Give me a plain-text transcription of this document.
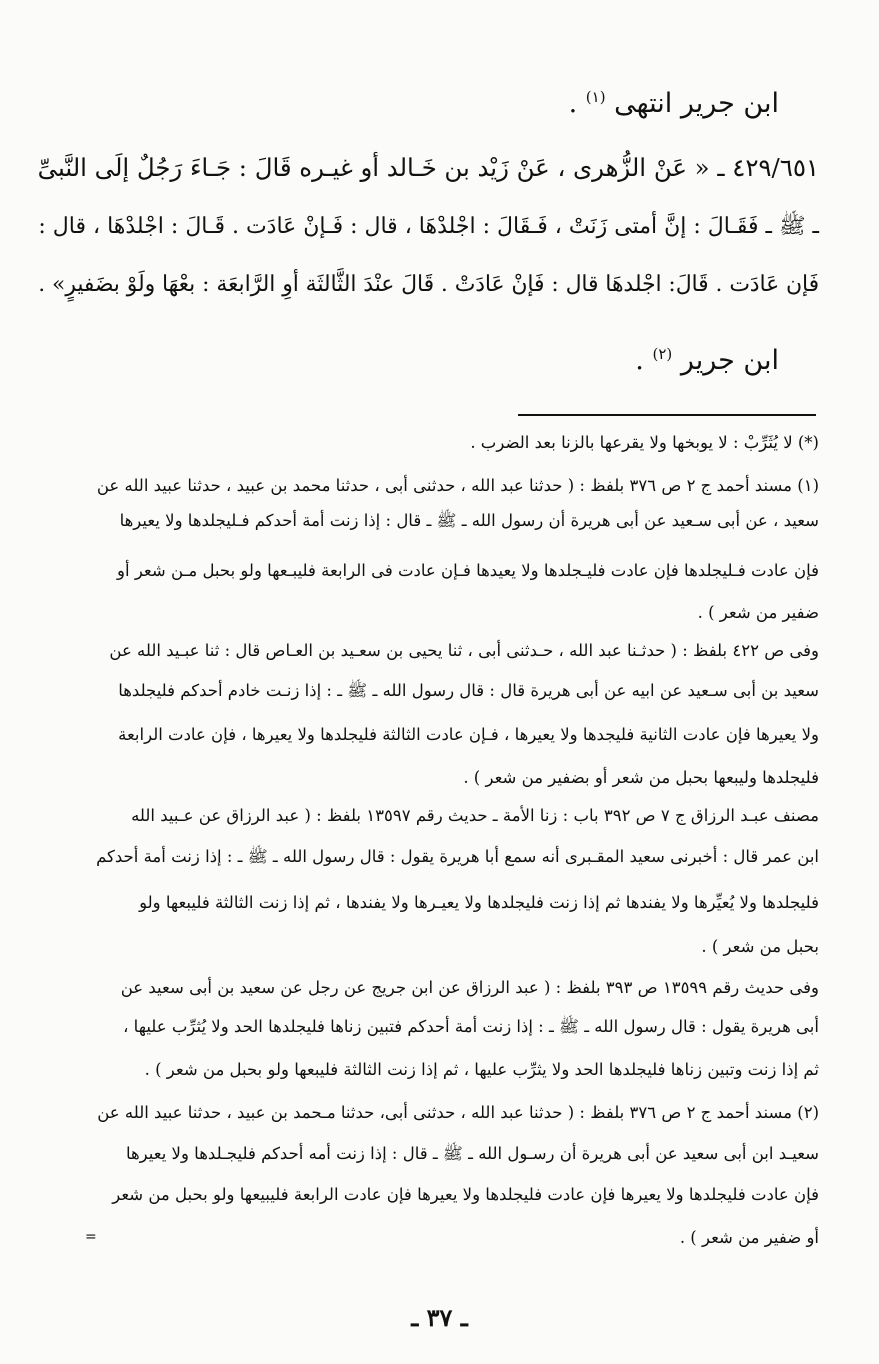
ابن جرير انتهى $^{(١)}$ .
٤٢٩/٦٥١ ـ « عَنْ الزُّهرى ، عَنْ زَيْد بن خَـالد أو غيـره قَالَ : جَـاءَ رَجُلٌ إلَى النَّبىِّ
ـ ﷺ ـ فَقَـالَ : إنَّ أمتى زَنَتْ ، فَـقَالَ : اجْلدْهَا ، قال : فَـإنْ عَادَت . قَـالَ : اجْلدْهَا ، قال :
فَإن عَادَت . قَالَ: اجْلدهَا قال : فَإنْ عَادَتْ . قَالَ عنْدَ الثَّالثَة أوِ الرَّابعَة : بعْهَا ولَوْ بضَفيرٍ» .
ابن جرير $^{(٢)}$ .
(*) لا يُثَرِّبْ : لا يوبخها ولا يقرعها بالزنا بعد الضرب .
(١) مسند أحمد ج ٢ ص ٣٧٦ بلفظ : ( حدثنا عبد الله ، حدثنى أبى ، حدثنا محمد بن عبيد ، حدثنا عبيد الله عن
سعيد ، عن أبى سـعيد عن أبى هريرة أن رسول الله ـ ﷺ ـ قال : إذا زنت أمة أحدكم فـليجلدها ولا يعيرها
فإن عادت فـليجلدها فإن عادت فليـجلدها ولا يعيدها فـإن عادت فى الرابعة فليبـعها ولو بحبل مـن شعر أو
ضفير من شعر ) .
وفى ص ٤٢٢ بلفظ : ( حدثـنا عبد الله ، حـدثنى أبى ، ثنا يحيى بن سعـيد بن العـاص قال : ثنا عبـيد الله عن
سعيد بن أبى سـعيد عن ابيه عن أبى هريرة قال : قال رسول الله ـ ﷺ ـ : إذا زنـت خادم أحدكم فليجلدها
ولا يعيرها فإن عادت الثانية فليجدها ولا يعيرها ، فـإن عادت الثالثة فليجلدها ولا يعيرها ، فإن عادت الرابعة
فليجلدها وليبعها بحبل من شعر أو بضفير من شعر ) .
مصنف عبـد الرزاق ج ٧ ص ٣٩٢ باب : زنا الأمة ـ حديث رقم ١٣٥٩٧ بلفظ : ( عبد الرزاق عن عـبيد الله
ابن عمر قال : أخبرنى سعيد المقـبرى أنه سمع أبا هريرة يقول : قال رسول الله ـ ﷺ ـ : إذا زنت أمة أحدكم
فليجلدها ولا يُعيِّرها ولا يفندها ثم إذا زنت فليجلدها ولا يعيـرها ولا يفندها ، ثم إذا زنت الثالثة فليبعها ولو
بحبل من شعر ) .
وفى حديث رقم ١٣٥٩٩ ص ٣٩٣ بلفظ : ( عبد الرزاق عن ابن جريج عن رجل عن سعيد بن أبى سعيد عن
أبى هريرة يقول : قال رسول الله ـ ﷺ ـ : إذا زنت أمة أحدكم فتبين زناها فليجلدها الحد ولا يُثرِّب عليها ،
ثم إذا زنت وتبين زناها فليجلدها الحد ولا يثرِّب عليها ، ثم إذا زنت الثالثة فليبعها ولو بحبل من شعر ) .
(٢) مسند أحمد ج ٢ ص ٣٧٦ بلفظ : ( حدثنا عبد الله ، حدثنى أبى، حدثنا مـحمد بن عبيد ، حدثنا عبيد الله عن
سعيـد ابن أبى سعيد عن أبى هريرة أن رسـول الله ـ ﷺ ـ قال : إذا زنت أمه أحدكم فليجـلدها ولا يعيرها
فإن عادت فليجلدها ولا يعيرها فإن عادت فليجلدها ولا يعيرها فإن عادت الرابعة فليبيعها ولو بحبل من شعر
أو ضفير من شعر ) .
=
ـ ٣٧ ـ
